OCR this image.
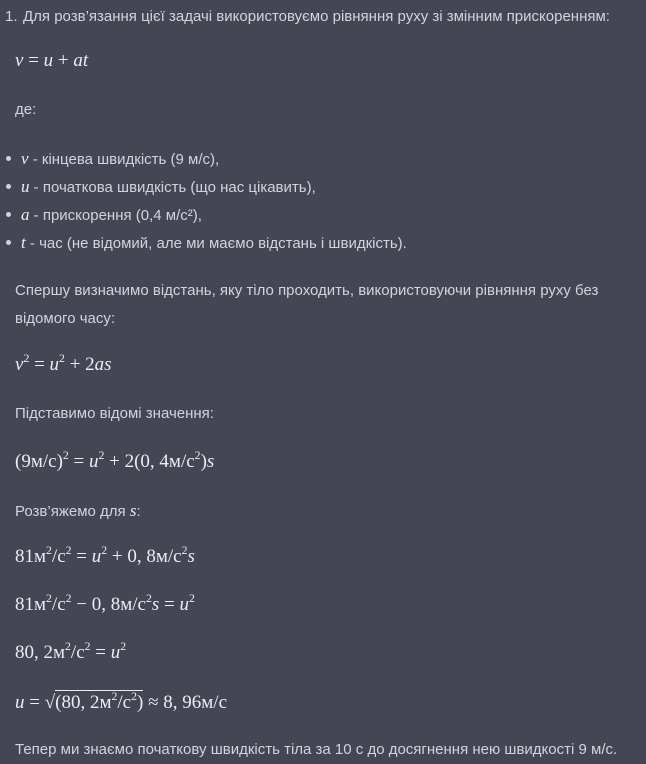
1. Для розв’язання цієї задачі використовуємо рівняння руху зі змінним прискоренням:
v = u + at
де:
v - кінцева швидкість (9 м/с),
u - початкова швидкість (що нас цікавить),
a - прискорення (0,4 м/с²),
t - час (не відомий, але ми маємо відстань і швидкість).
Спершу визначимо відстань, яку тіло проходить, використовуючи рівняння руху без
відомого часу:
$v^2 = u^2 + 2as$
Підставимо відомі значення:
$(9м/с)^2 = u^2 + 2(0$, $4м/с^2)s$
Розв’яжемо для s:
$81м^2/с^2 = u^2 + 0$, $8м/с^2s$
$81м^2/с^2 - 0$, $8м/с^2s = u^2$
80, $2м^2/с^2 = u^2$
u = √(80, $2м^2/с^2) \approx 8$, 96м/с
Тепер ми знаємо початкову швидкість тіла за 10 с до досягнення нею швидкості 9 м/с.
